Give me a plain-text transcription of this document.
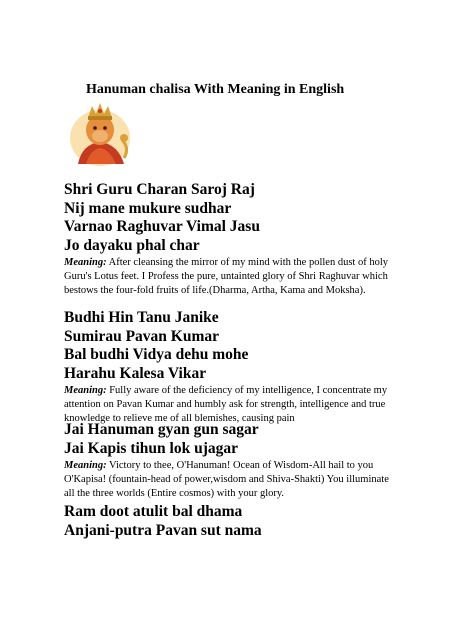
Hanuman chalisa With Meaning in English
Shri Guru Charan Saroj Raj
Nij mane mukure sudhar
Varnao Raghuvar Vimal Jasu
Jo dayaku phal char
Meaning: After cleansing the mirror of my mind with the pollen dust of holy Guru's Lotus feet. I Profess the pure, untainted glory of Shri Raghuvar which bestows the four-fold fruits of life.(Dharma, Artha, Kama and Moksha).
Budhi Hin Tanu Janike
Sumirau Pavan Kumar
Bal budhi Vidya dehu mohe
Harahu Kalesa Vikar
Meaning: Fully aware of the deficiency of my intelligence, I concentrate my attention on Pavan Kumar and humbly ask for strength, intelligence and true knowledge to relieve me of all blemishes, causing pain
Jai Hanuman gyan gun sagar
Jai Kapis tihun lok ujagar
Meaning: Victory to thee, O'Hanuman! Ocean of Wisdom-All hail to you O'Kapisa! (fountain-head of power,wisdom and Shiva-Shakti) You illuminate all the three worlds (Entire cosmos) with your glory.
Ram doot atulit bal dhama
Anjani-putra Pavan sut nama
